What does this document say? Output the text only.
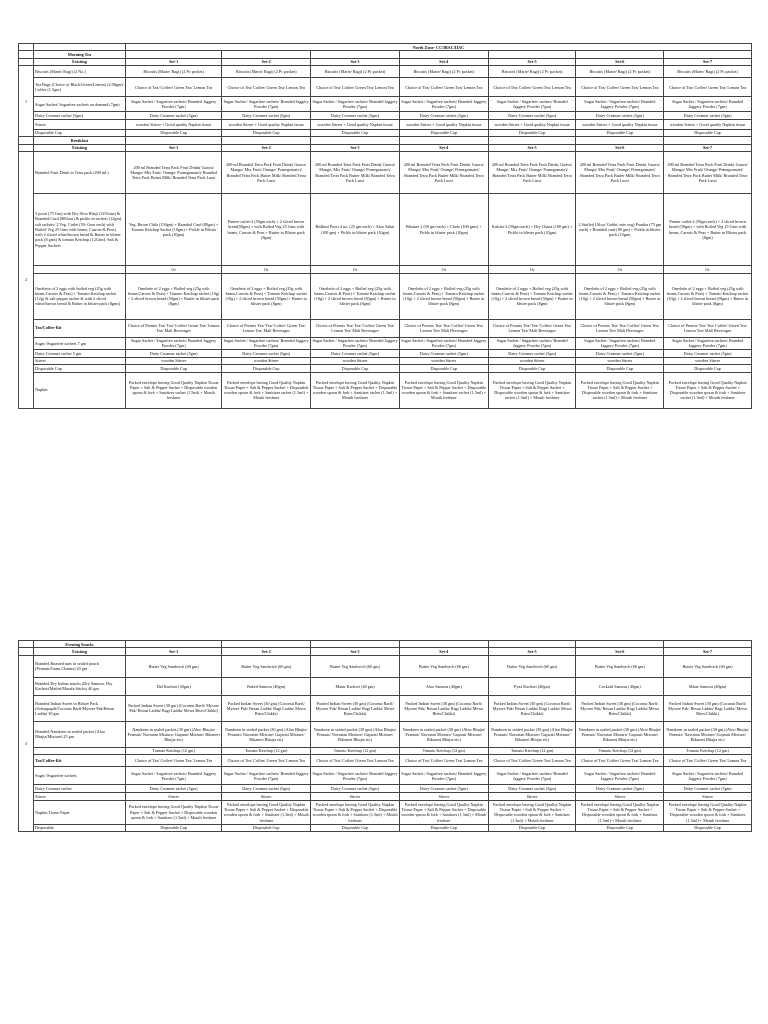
		North Zone- CC/IBAC/IIAC						
	Morning Tea							
	Existing	Set-1	Set-2	Set-3	Set-4	Set-5	Set-6	Set-7
1	Biscuits (Marie/ Ragi) (2 No.)	Biscuits (Marie/ Ragi) (2 Pc packet)	Biscuits (Marie/ Ragi) (2 Pc packet)	Biscuits (Marie/ Ragi) (2 Pc packet)	Biscuits (Marie/ Ragi) (2 Pc packet)	Biscuits (Marie/ Ragi) (2 Pc packet)	Biscuits (Marie/ Ragi) (2 Pc packet)	Biscuits (Marie/ Ragi) (2 Pc packet)
	Tea Bags (Choice of Black/Green/Lemon) (2.00gm)/ Coffee (1.5gm)	Choice of Tea/ Coffee/ Green Tea/ Lemon Tea	Choice of Tea/ Coffee/ Green Tea/ Lemon Tea	Choice of Tea/ Coffee/ Green Tea/ Lemon Tea	Choice of Tea/ Coffee/ Green Tea/ Lemon Tea	Choice of Tea/ Coffee/ Green Tea/ Lemon Tea	Choice of Tea/ Coffee/ Green Tea/ Lemon Tea	Choice of Tea/ Coffee/ Green Tea/ Lemon Tea
	Sugar Sachet/ Sugarfree sachets on demand (7gm)	Sugar Sachet / Sugarfree sachets/ Branded Jaggery Powder (7gm)	Sugar Sachet / Sugarfree sachets/ Branded Jaggery Powder (7gm)	Sugar Sachet / Sugarfree sachets/ Branded Jaggery Powder (7gm)	Sugar Sachet / Sugarfree sachets/ Branded Jaggery Powder (7gm)	Sugar Sachet / Sugarfree sachets/ Branded Jaggery Powder (7gm)	Sugar Sachet / Sugarfree sachets/ Branded Jaggery Powder (7gm)	Sugar Sachet / Sugarfree sachets/ Branded Jaggery Powder (7gm)
	Dairy Creamer sachet (5gm)	Dairy Creamer sachet (5gm)	Dairy Creamer sachet (5gm)	Dairy Creamer sachet (5gm)	Dairy Creamer sachet (5gm)	Dairy Creamer sachet (5gm)	Dairy Creamer sachet (5gm)	Dairy Creamer sachet (5gm)
	Stirrer	wooden Stirrer + Good quality Napkin tissue	wooden Stirrer + Good quality Napkin tissue	wooden Stirrer + Good quality Napkin tissue	wooden Stirrer + Good quality Napkin tissue	wooden Stirrer + Good quality Napkin tissue	wooden Stirrer + Good quality Napkin tissue	wooden Stirrer + Good quality Napkin tissue
	Disposable Cup	Disposable Cup	Disposable Cup	Disposable Cup	Disposable Cup	Disposable Cup	Disposable Cup	Disposable Cup
	Breakfast							
	Existing	Set-1	Set-2	Set-3	Set-4	Set-5	Set-6	Set-7
2	Branded Fruit Drink in Tetra pack (200 ml.)	200 ml Branded Tetra Pack Fruit Drink( Guava/ Mango/ Mix Fruit/ Orange/ Pomegranate)/ Branded Tetra Pack Butter Milk/ Branded Tetra Pack Lassi	200 ml Branded Tetra Pack Fruit Drink( Guava/ Mango/ Mix Fruit/ Orange/ Pomegranate)/ Branded Tetra Pack Butter Milk/ Branded Tetra Pack Lassi	200 ml Branded Tetra Pack Fruit Drink( Guava/ Mango/ Mix Fruit/ Orange/ Pomegranate)/ Branded Tetra Pack Butter Milk/ Branded Tetra Pack Lassi	200 ml Branded Tetra Pack Fruit Drink( Guava/ Mango/ Mix Fruit/ Orange/ Pomegranate)/ Branded Tetra Pack Butter Milk/ Branded Tetra Pack Lassi	200 ml Branded Tetra Pack Fruit Drink( Guava/ Mango/ Mix Fruit/ Orange/ Pomegranate)/ Branded Tetra Pack Butter Milk/ Branded Tetra Pack Lassi	200 ml Branded Tetra Pack Fruit Drink( Guava/ Mango/ Mix Fruit/ Orange/ Pomegranate)/ Branded Tetra Pack Butter Milk/ Branded Tetra Pack Lassi	200 ml Branded Tetra Pack Fruit Drink( Guava/ Mango/ Mix Fruit/ Orange/ Pomegranate)/ Branded Tetra Pack Butter Milk/ Branded Tetra Pack Lassi
	5 poori (75 Gm) with Dry Aloo Bhaji (125Gms) & Branded Curd (80Gms) & pickle in sachets (12gm), salt sachets/ 2 Veg. Cutlet (50- Gms each) with Boiled Veg 25 Gms with beans, Carrots & Peas) with 2 sliced white/brown bread & Butter in blister pack (8 gms) & tomato Ketchup (12Gms). Salt & Pepper Sachets	Veg. Besan Chila (150gm) + Branded Curd (80gm) + Tomato Ketchup Sachet (10gm) + Pickle in Blister pack (10gm)	Paneer cutlet-2 (50gm each) + 2 sliced brown bread(50gm) + with Boiled Veg 25 Gms with beans, Carrots & Peas + Butter in Blister pack (8gm)	Bedhmi Poori 4 no. (25 gm each) + Aloo Sabzi (100 gm) + Pickle in blister pack (10gm)	Bhature 2 (50 gm each) + Chole (100 gms) + Pickle in blister pack (10gm)	Kulcha-2 (50gm each) + Dry Chana (100 gm) + Pickle in blister pack (10gm)	2 Stuffed (Aloo/ Gobhi/ mix veg) Paratha (75 gm each) + Branded curd (80 gm) + Pickle in blister pack (10gm)	Paneer cutlet-2 (50gm each) + 2 sliced brown bread (50gm) + with Boiled Veg 25 Gms with beans, Carrots & Peas + Butter in Blister pack (8gm)
		Or	Or	Or	Or	Or	Or	Or
	Omelette of 2 eggs with boiled veg (25g with beans,Carrots & Peas) + Tomato Ketchup sachet (12g) & salt pepper sachet & with 2 sliced white/brown bread & Butter in blister pack (8gms)	Omelette of 2 eggs + Boiled veg (25g with beans,Carrots & Peas) + Tomato Ketchup sachet (10g) + 2 sliced brown bread (50gm) + Butter in blister pack (8gm)	Omelette of 2 eggs + Boiled veg (25g with beans,Carrots & Peas) + Tomato Ketchup sachet (10g) + 2 sliced brown bread (50gm) + Butter in blister pack (8gm)	Omelette of 2 eggs + Boiled veg (25g with beans,Carrots & Peas) + Tomato Ketchup sachet (10g) + 2 sliced brown bread (50gm) + Butter in blister pack (8gm)	Omelette of 2 eggs + Boiled veg (25g with beans,Carrots & Peas) + Tomato Ketchup sachet (10g) + 2 sliced brown bread (50gm) + Butter in blister pack (8gm)	Omelette of 2 eggs + Boiled veg (25g with beans,Carrots & Peas) + Tomato Ketchup sachet (10g) + 2 sliced brown bread (50gm) + Butter in blister pack (8gm)	Omelette of 2 eggs + Boiled veg (25g with beans,Carrots & Peas) + Tomato Ketchup sachet (10g) + 2 sliced brown bread (50gm) + Butter in blister pack (8gm)	Omelette of 2 eggs + Boiled veg (25g with beans,Carrots & Peas) + Tomato Ketchup sachet (10g) + 2 sliced brown bread (50gm) + Butter in blister pack (8gm)
	Tea/Coffee-Kit	Choice of Premix Tea/ Tea/ Coffee/ Green Tea/ Lemon Tea/ Malt Beverages	Choice of Premix Tea/ Tea/ Coffee/ Green Tea/ Lemon Tea/ Malt Beverages	Choice of Premix Tea/ Tea/ Coffee/ Green Tea/ Lemon Tea/ Malt Beverages	Choice of Premix Tea/ Tea/ Coffee/ Green Tea/ Lemon Tea/ Malt Beverages	Choice of Premix Tea/ Tea/ Coffee/ Green Tea/ Lemon Tea/ Malt Beverages	Choice of Premix Tea/ Tea/ Coffee/ Green Tea/ Lemon Tea/ Malt Beverages	Choice of Premix Tea/ Tea/ Coffee/ Green Tea/ Lemon Tea/ Malt Beverages
	Sugar /Sugarfree sachets 7 gm	Sugar Sachet / Sugarfree sachets/ Branded Jaggery Powder (7gm)	Sugar Sachet / Sugarfree sachets/ Branded Jaggery Powder (7gm)	Sugar Sachet / Sugarfree sachets/ Branded Jaggery Powder (7gm)	Sugar Sachet / Sugarfree sachets/ Branded Jaggery Powder (7gm)	Sugar Sachet / Sugarfree sachets/ Branded Jaggery Powder (7gm)	Sugar Sachet / Sugarfree sachets/ Branded Jaggery Powder (7gm)	Sugar Sachet / Sugarfree sachets/ Branded Jaggery Powder (7gm)
	Dairy Creamer sachet 5 gm	Dairy Creamer sachet (5gm)	Dairy Creamer sachet (5gm)	Dairy Creamer sachet (5gm)	Dairy Creamer sachet (5gm)	Dairy Creamer sachet (5gm)	Dairy Creamer sachet (5gm)	Dairy Creamer sachet (5gm)
	Stirrer	wooden Stirrer	wooden Stirrer	wooden Stirrer	wooden Stirrer	wooden Stirrer	wooden Stirrer	wooden Stirrer
	Disposable Cup	Disposable Cup	Disposable Cup	Disposable Cup	Disposable Cup	Disposable Cup	Disposable Cup	Disposable Cup
	Napkin	Packed envelope having Good Quality Napkin Tissue Paper + Salt & Pepper Sachet + Disposable wooden spoon & fork + Sanitizer sachet (1.5ml) + Mouth freshner	Packed envelope having Good Quality Napkin Tissue Paper + Salt & Pepper Sachet + Disposable wooden spoon & fork + Sanitizer sachet (1.5ml) + Mouth freshner	Packed envelope having Good Quality Napkin Tissue Paper + Salt & Pepper Sachet + Disposable wooden spoon & fork + Sanitizer sachet (1.5ml) + Mouth freshner	Packed envelope having Good Quality Napkin Tissue Paper + Salt & Pepper Sachet + Disposable wooden spoon & fork + Sanitizer sachet (1.5ml) + Mouth freshner	Packed envelope having Good Quality Napkin Tissue Paper + Salt & Pepper Sachet + Disposable wooden spoon & fork + Sanitizer sachet (1.5ml) + Mouth freshner	Packed envelope having Good Quality Napkin Tissue Paper + Salt & Pepper Sachet + Disposable wooden spoon & fork + Sanitizer sachet (1.5ml) + Mouth freshner	Packed envelope having Good Quality Napkin Tissue Paper + Salt & Pepper Sachet + Disposable wooden spoon & fork + Sanitizer sachet (1.5ml) + Mouth freshner
	Evening Snacks							
	Existing	Set-1	Set-2	Set-3	Set-4	Set-5	Set-6	Set-7
3	Branded Roasted nuts in sealed pouch (Peanuts/Gram Channa) 20 gm	Butter Veg Sandwich (60 gm)	Butter Veg Sandwich (60 gm)	Butter Veg Sandwich (60 gm)	Butter Veg Sandwich (60 gm)	Butter Veg Sandwich (60 gm)	Butter Veg Sandwich (60 gm)	Butter Veg Sandwich (60 gm)
	Branded Dry Indian snacks (Dry Samosa, Dry Kachori/Mathri/Masala Sticks) 40 gm	Dal Kachori (40gm)	Baked Samosa (40gm)	Matar Kachori (40 gm)	Aloo Samosa (40gm)	Pyaz Kachori (40gm)	Cocktail Samosa (40gm)	Matar Samosa (40gm)
	Branded Indian Sweet in Blister Pack (Sohanpapdi/Coconut Barfi/Mysore Pak/Besan Laddu) 30 gm	Packed Indian Sweet (30 gm) (Coconut Barfi/ Mysore Pak/ Besan Laddu/ Ragi Laddu/ Mewa Bites/Chikki)	Packed Indian Sweet (30 gm) (Coconut Barfi/ Mysore Pak/ Besan Laddu/ Ragi Laddu/ Mewa Bites/Chikki)	Packed Indian Sweet (30 gm) (Coconut Barfi/ Mysore Pak/ Besan Laddu/ Ragi Laddu/ Mewa Bites/Chikki)	Packed Indian Sweet (30 gm) (Coconut Barfi/ Mysore Pak/ Besan Laddu/ Ragi Laddu/ Mewa Bites/Chikki)	Packed Indian Sweet (30 gm) (Coconut Barfi/ Mysore Pak/ Besan Laddu/ Ragi Laddu/ Mewa Bites/Chikki)	Packed Indian Sweet (30 gm) (Coconut Barfi/ Mysore Pak/ Besan Laddu/ Ragi Laddu/ Mewa Bites/Chikki)	Packed Indian Sweet (30 gm) (Coconut Barfi/ Mysore Pak/ Besan Laddu/ Ragi Laddu/ Mewa Bites/Chikki)
	Branded Namkeen in sealed packet (Aloo Bhujia/Mixture) 25 gm	Namkeen in sealed packet (30 gm) (Aloo Bhujia/ Peanuts/ Navratan Mixture/ Gujarati Mixture/ Bikaneri Bhujia etc)	Namkeen in sealed packet (30 gm) (Aloo Bhujia/ Peanuts/ Navratan Mixture/ Gujarati Mixture/ Bikaneri Bhujia etc)	Namkeen in sealed packet (30 gm) (Aloo Bhujia/ Peanuts/ Navratan Mixture/ Gujarati Mixture/ Bikaneri Bhujia etc)	Namkeen in sealed packet (30 gm) (Aloo Bhujia/ Peanuts/ Navratan Mixture/ Gujarati Mixture/ Bikaneri Bhujia etc)	Namkeen in sealed packet (30 gm) (Aloo Bhujia/ Peanuts/ Navratan Mixture/ Gujarati Mixture/ Bikaneri Bhujia etc)	Namkeen in sealed packet (30 gm) (Aloo Bhujia/ Peanuts/ Navratan Mixture/ Gujarati Mixture/ Bikaneri Bhujia etc)	Namkeen in sealed packet (30 gm) (Aloo Bhujia/ Peanuts/ Navratan Mixture/ Gujarati Mixture/ Bikaneri Bhujia etc)
		Tomato Ketchup (12 gm)	Tomato Ketchup (12 gm)	Tomato Ketchup (12 gm)	Tomato Ketchup (12 gm)	Tomato Ketchup (12 gm)	Tomato Ketchup (12 gm)	Tomato Ketchup (12 gm)
	Tea/Coffee-Kit	Choice of Tea/ Coffee/ Green Tea/ Lemon Tea	Choice of Tea/ Coffee/ Green Tea/ Lemon Tea	Choice of Tea/ Coffee/ Green Tea/ Lemon Tea	Choice of Tea/ Coffee/ Green Tea/ Lemon Tea	Choice of Tea/ Coffee/ Green Tea/ Lemon Tea	Choice of Tea/ Coffee/ Green Tea/ Lemon Tea	Choice of Tea/ Coffee/ Green Tea/ Lemon Tea
	Sugar /Sugarfree sachets	Sugar Sachet / Sugarfree sachets/ Branded Jaggery Powder (7gm)	Sugar Sachet / Sugarfree sachets/ Branded Jaggery Powder (7gm)	Sugar Sachet / Sugarfree sachets/ Branded Jaggery Powder (7gm)	Sugar Sachet / Sugarfree sachets/ Branded Jaggery Powder (7gm)	Sugar Sachet / Sugarfree sachets/ Branded Jaggery Powder (7gm)	Sugar Sachet / Sugarfree sachets/ Branded Jaggery Powder (7gm)	Sugar Sachet / Sugarfree sachets/ Branded Jaggery Powder (7gm)
	Dairy Creamer sachet	Dairy Creamer sachet (5gm)	Dairy Creamer sachet (5gm)	Dairy Creamer sachet (5gm)	Dairy Creamer sachet (5gm)	Dairy Creamer sachet (5gm)	Dairy Creamer sachet (5gm)	Dairy Creamer sachet (5gm)
	Stirrer	Stirrer	Stirrer	Stirrer	Stirrer	Stirrer	Stirrer	Stirrer
	Napkin Tissue Paper	Packed envelope having Good Quality Napkin Tissue Paper + Salt & Pepper Sachet + Disposable wooden spoon & fork + Sanitizer (1.5ml) + Mouth freshner	Packed envelope having Good Quality Napkin Tissue Paper + Salt & Pepper Sachet + Disposable wooden spoon & fork + Sanitizer (1.5ml) + Mouth freshner	Packed envelope having Good Quality Napkin Tissue Paper + Salt & Pepper Sachet + Disposable wooden spoon & fork + Sanitizer (1.5ml) + Mouth freshner	Packed envelope having Good Quality Napkin Tissue Paper + Salt & Pepper Sachet + Disposable wooden spoon & fork + Sanitizer (1.5ml) + Mouth freshner	Packed envelope having Good Quality Napkin Tissue Paper + Salt & Pepper Sachet + Disposable wooden spoon & fork + Sanitizer (1.5ml) + Mouth freshner	Packed envelope having Good Quality Napkin Tissue Paper + Salt & Pepper Sachet + Disposable wooden spoon & fork + Sanitizer (1.5ml) + Mouth freshner	Packed envelope having Good Quality Napkin Tissue Paper + Salt & Pepper Sachet + Disposable wooden spoon & fork + Sanitizer (1.5ml) + Mouth freshner
	Disposable	Disposable Cup	Disposable Cup	Disposable Cup	Disposable Cup	Disposable Cup	Disposable Cup	Disposable Cup
